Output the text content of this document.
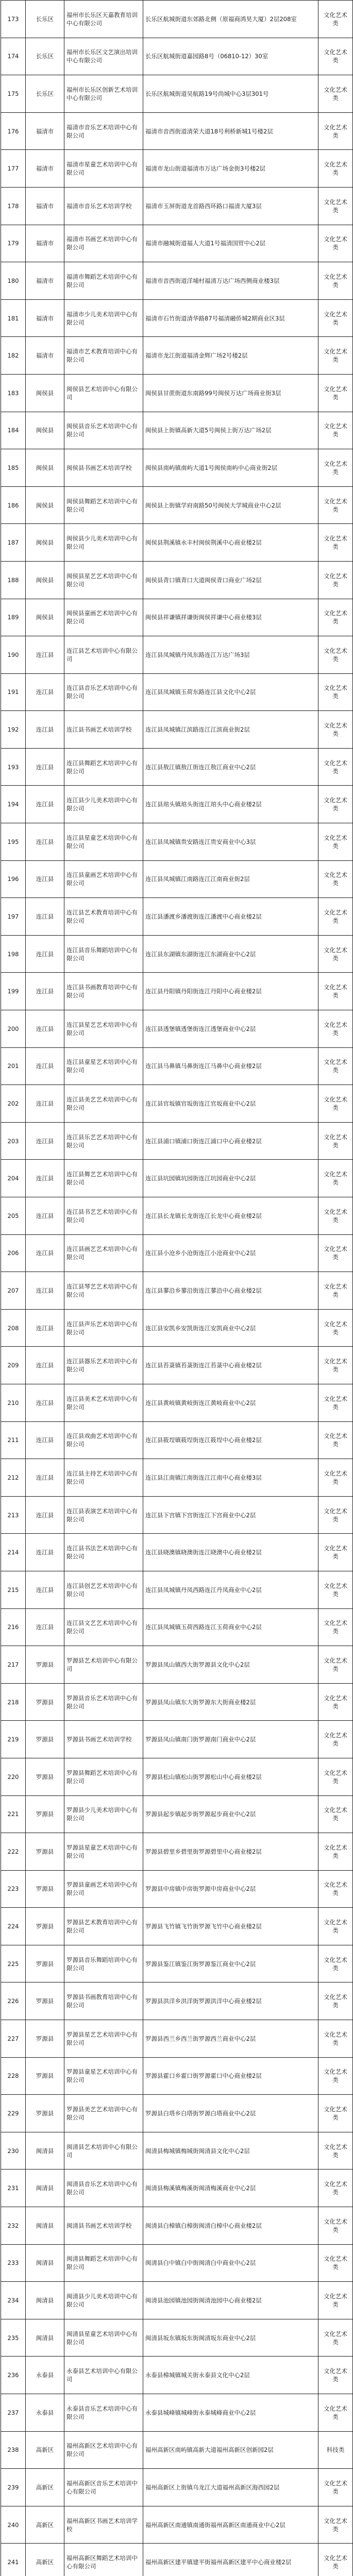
173	长乐区	福州市长乐区天嘉教育培训中心有限公司	长乐区航城街道东郊路北侧（原福商鸿昊大厦）2层208室	文化艺术类
174	长乐区	福州市长乐区文艺演出培训中心有限公司	长乐区航城街道嘉园路8号（06810-12）30室	文化艺术类
175	长乐区	福州市长乐区创新艺术培训中心有限公司	长乐区航城街道吴航路19号尚城中心3层301号	文化艺术类
176	福清市	福清市音乐艺术培训中心有限公司	福清市音西街道清荣大道18号利桥新城1号楼2层	文化艺术类
177	福清市	福清市星童艺术培训中心有限公司	福清市龙山街道福清市万达广场金街3号楼2层	文化艺术类
178	福清市	福清市音乐艺术培训学校	福清市玉屏街道龙首路西环路口福清大厦3层	文化艺术类
179	福清市	福清市书画艺术培训中心有限公司	福清市融城街道福人大道1号福清国贸中心2层	文化艺术类
180	福清市	福清市舞蹈艺术培训中心有限公司	福清市音西街道洋埔村福清万达广场西侧商业楼3层	文化艺术类
181	福清市	福清市少儿美术培训中心有限公司	福清市石竹街道清华路87号福清融侨城2期商业区3层	文化艺术类
182	福清市	福清市艺术教育培训中心有限公司	福清市龙江街道福清金辉广场2号楼2层	文化艺术类
183	闽侯县	闽侯县艺术培训中心有限公司	闽侯县甘蔗街道东南路99号闽侯万达广场商业街3层	文化艺术类
184	闽侯县	闽侯县音乐艺术培训中心有限公司	闽侯县上街镇高新大道5号闽侯上街万达广场2层	文化艺术类
185	闽侯县	闽侯县书画艺术培训学校	闽侯县南屿镇南屿大道1号闽侯南屿中心商业街2层	文化艺术类
186	闽侯县	闽侯县舞蹈艺术培训中心有限公司	闽侯县上街镇学府南路50号闽侯大学城商业中心2层	文化艺术类
187	闽侯县	闽侯县少儿美术培训中心有限公司	闽侯县荆溪镇永丰村闽侯荆溪中心商业楼2层	文化艺术类
188	闽侯县	闽侯县星艺艺术培训中心有限公司	闽侯县青口镇青口大道闽侯青口商业广场2层	文化艺术类
189	闽侯县	闽侯县童画艺术培训中心有限公司	闽侯县祥谦镇祥谦街闽侯祥谦中心商业楼3层	文化艺术类
190	连江县	连江县艺术培训中心有限公司	连江县凤城镇丹凤东路连江万达广场3层	文化艺术类
191	连江县	连江县音乐艺术培训中心有限公司	连江县凤城镇玉荷东路连江县文化中心2层	文化艺术类
192	连江县	连江县书画艺术培训学校	连江县凤城镇江滨路连江江滨商业街2层	文化艺术类
193	连江县	连江县舞蹈艺术培训中心有限公司	连江县敖江镇敖江街连江敖江商业中心2层	文化艺术类
194	连江县	连江县少儿美术培训中心有限公司	连江县琯头镇琯头街连江琯头中心商业楼2层	文化艺术类
195	连江县	连江县星童艺术培训中心有限公司	连江县凤城镇贵安路连江贵安商业中心3层	文化艺术类
196	连江县	连江县童画艺术培训中心有限公司	连江县凤城镇江南路连江江南商业街2层	文化艺术类
197	连江县	连江县艺术教育培训中心有限公司	连江县潘渡乡潘渡街连江潘渡中心商业楼2层	文化艺术类
198	连江县	连江县音乐舞蹈培训中心有限公司	连江县东湖镇东湖街连江东湖商业中心2层	文化艺术类
199	连江县	连江县书画教育培训中心有限公司	连江县丹阳镇丹阳街连江丹阳中心商业楼2层	文化艺术类
200	连江县	连江县星艺艺术培训中心有限公司	连江县透堡镇透堡街连江透堡商业中心2层	文化艺术类
201	连江县	连江县童星艺术培训中心有限公司	连江县马鼻镇马鼻街连江马鼻中心商业楼2层	文化艺术类
202	连江县	连江县美艺艺术培训中心有限公司	连江县官坂镇官坂街连江官坂商业中心2层	文化艺术类
203	连江县	连江县乐艺艺术培训中心有限公司	连江县浦口镇浦口街连江浦口中心商业楼2层	文化艺术类
204	连江县	连江县舞艺艺术培训中心有限公司	连江县坑园镇坑园街连江坑园商业中心2层	文化艺术类
205	连江县	连江县书艺艺术培训中心有限公司	连江县长龙镇长龙街连江长龙中心商业楼2层	文化艺术类
206	连江县	连江县画艺艺术培训中心有限公司	连江县小沧乡小沧街连江小沧商业中心2层	文化艺术类
207	连江县	连江县琴艺艺术培训中心有限公司	连江县蓼沿乡蓼沿街连江蓼沿中心商业楼2层	文化艺术类
208	连江县	连江县声乐艺术培训中心有限公司	连江县安凯乡安凯街连江安凯商业中心2层	文化艺术类
209	连江县	连江县器乐艺术培训中心有限公司	连江县苔菉镇苔菉街连江苔菉中心商业楼2层	文化艺术类
210	连江县	连江县美术艺术培训中心有限公司	连江县黄岐镇黄岐街连江黄岐商业中心2层	文化艺术类
211	连江县	连江县戏曲艺术培训中心有限公司	连江县筱埕镇筱埕街连江筱埕中心商业楼2层	文化艺术类
212	连江县	连江县主持艺术培训中心有限公司	连江县江南镇江南街连江江南中心商业楼3层	文化艺术类
213	连江县	连江县表演艺术培训中心有限公司	连江县下宫镇下宫街连江下宫商业中心2层	文化艺术类
214	连江县	连江县书法艺术培训中心有限公司	连江县晓澳镇晓澳街连江晓澳中心商业楼2层	文化艺术类
215	连江县	连江县创艺艺术培训中心有限公司	连江县凤城镇丹凤西路连江丹凤商业中心2层	文化艺术类
216	连江县	连江县文艺艺术培训中心有限公司	连江县凤城镇玉荷西路连江玉荷商业中心2层	文化艺术类
217	罗源县	罗源县艺术培训中心有限公司	罗源县凤山镇西大街罗源县文化中心2层	文化艺术类
218	罗源县	罗源县音乐艺术培训中心有限公司	罗源县凤山镇东大街罗源东大街商业楼2层	文化艺术类
219	罗源县	罗源县书画艺术培训学校	罗源县凤山镇南门街罗源南门商业中心2层	文化艺术类
220	罗源县	罗源县舞蹈艺术培训中心有限公司	罗源县松山镇松山街罗源松山中心商业楼2层	文化艺术类
221	罗源县	罗源县少儿美术培训中心有限公司	罗源县起步镇起步街罗源起步商业中心2层	文化艺术类
222	罗源县	罗源县星童艺术培训中心有限公司	罗源县碧里乡碧里街罗源碧里中心商业楼2层	文化艺术类
223	罗源县	罗源县童画艺术培训中心有限公司	罗源县中房镇中房街罗源中房商业中心2层	文化艺术类
224	罗源县	罗源县艺术教育培训中心有限公司	罗源县飞竹镇飞竹街罗源飞竹中心商业楼2层	文化艺术类
225	罗源县	罗源县音乐舞蹈培训中心有限公司	罗源县鉴江镇鉴江街罗源鉴江商业中心2层	文化艺术类
226	罗源县	罗源县书画教育培训中心有限公司	罗源县洪洋乡洪洋街罗源洪洋中心商业楼2层	文化艺术类
227	罗源县	罗源县星艺艺术培训中心有限公司	罗源县西兰乡西兰街罗源西兰商业中心2层	文化艺术类
228	罗源县	罗源县童星艺术培训中心有限公司	罗源县霍口乡霍口街罗源霍口中心商业楼2层	文化艺术类
229	罗源县	罗源县美艺艺术培训中心有限公司	罗源县白塔乡白塔街罗源白塔商业中心2层	文化艺术类
230	闽清县	闽清县艺术培训中心有限公司	闽清县梅城镇梅城街闽清县文化中心2层	文化艺术类
231	闽清县	闽清县音乐艺术培训中心有限公司	闽清县梅溪镇梅溪街闽清梅溪商业中心2层	文化艺术类
232	闽清县	闽清县书画艺术培训学校	闽清县白樟镇白樟街闽清白樟中心商业楼2层	文化艺术类
233	闽清县	闽清县舞蹈艺术培训中心有限公司	闽清县白中镇白中街闽清白中商业中心2层	文化艺术类
234	闽清县	闽清县少儿美术培训中心有限公司	闽清县池园镇池园街闽清池园中心商业楼2层	文化艺术类
235	闽清县	闽清县星童艺术培训中心有限公司	闽清县坂东镇坂东街闽清坂东商业中心2层	文化艺术类
236	永泰县	永泰县艺术培训中心有限公司	永泰县樟城镇城关街永泰县文化中心2层	文化艺术类
237	永泰县	永泰县音乐艺术培训中心有限公司	永泰县城峰镇城峰街永泰城峰商业中心2层	文化艺术类
238	高新区	福州高新区艺术培训中心有限公司	福州高新区南屿镇高新大道福州高新区创新园2层	科技类
239	高新区	福州高新区音乐艺术培训中心有限公司	福州高新区上街镇乌龙江大道福州高新区海西园2层	文化艺术类
240	高新区	福州高新区书画艺术培训学校	福州高新区南通镇南通街福州高新区南通商业中心2层	文化艺术类
241	高新区	福州高新区舞蹈艺术培训中心有限公司	福州高新区建平镇建平街福州高新区建平中心商业楼2层	文化艺术类
